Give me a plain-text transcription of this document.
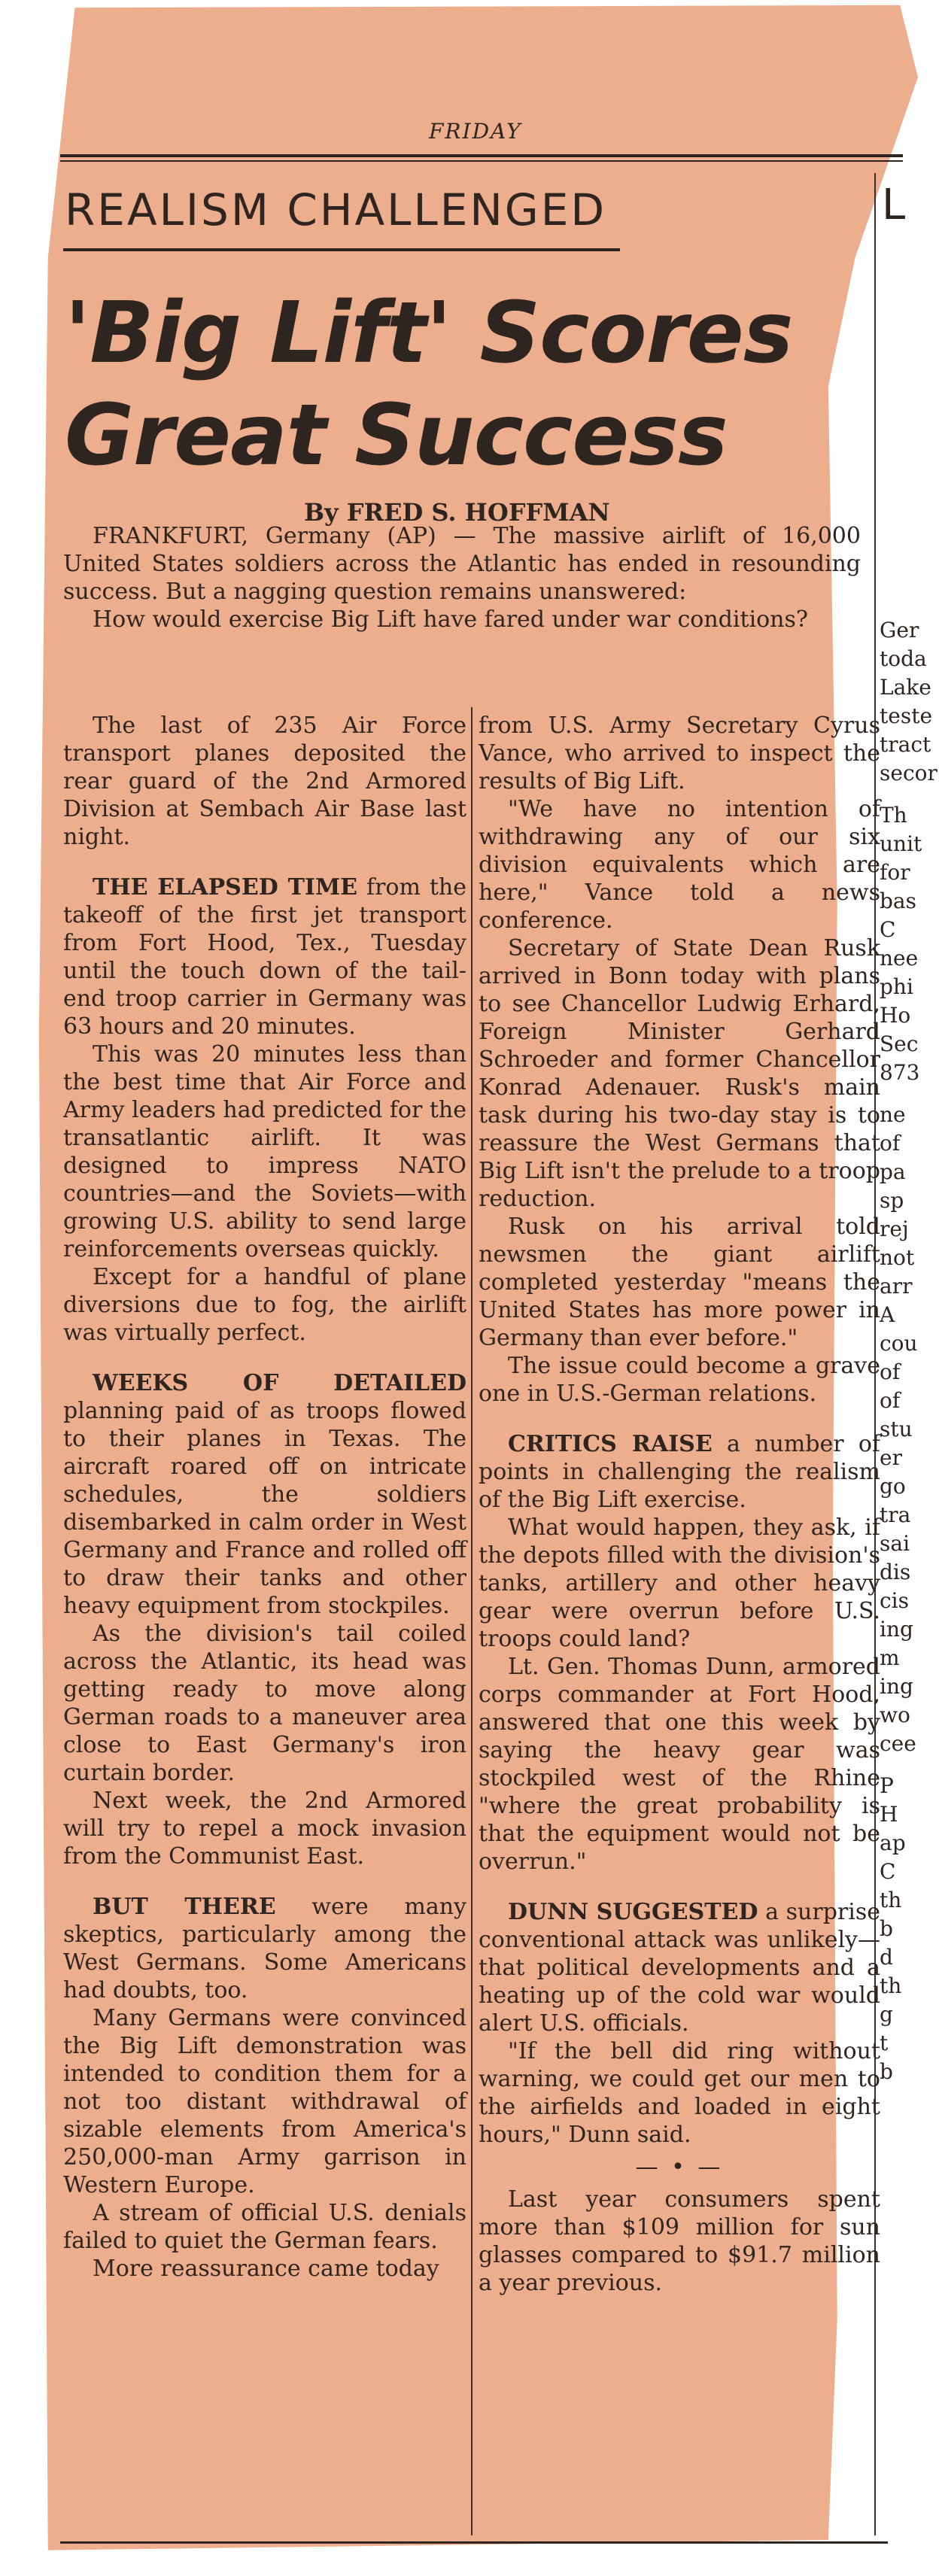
FRIDAY
L
REALISM CHALLENGED
'Big Lift' Scores
Great Success
By FRED S. HOFFMAN

FRANKFURT, Germany (AP) — The massive airlift of 16,000 United States soldiers across the Atlantic has ended in resounding success. But a nagging question remains unanswered:

How would exercise Big Lift have fared under war conditions?

The last of 235 Air Force transport planes deposited the rear guard of the 2nd Armored Division at Sembach Air Base last night.

THE ELAPSED TIME from the takeoff of the first jet transport from Fort Hood, Tex., Tuesday until the touch down of the tail-end troop carrier in Germany was 63 hours and 20 minutes.

This was 20 minutes less than the best time that Air Force and Army leaders had predicted for the transatlantic airlift. It was designed to impress NATO countries—and the Soviets—with growing U.S. ability to send large reinforcements overseas quickly.

Except for a handful of plane diversions due to fog, the airlift was virtually perfect.

WEEKS OF DETAILED planning paid of as troops flowed to their planes in Texas. The aircraft roared off on intricate schedules, the soldiers disembarked in calm order in West Germany and France and rolled off to draw their tanks and other heavy equipment from stockpiles.

As the division's tail coiled across the Atlantic, its head was getting ready to move along German roads to a maneuver area close to East Germany's iron curtain border.

Next week, the 2nd Armored will try to repel a mock invasion from the Communist East.

BUT THERE were many skeptics, particularly among the West Germans. Some Americans had doubts, too.

Many Germans were convinced the Big Lift demonstration was intended to condition them for a not too distant withdrawal of sizable elements from America's 250,000-man Army garrison in Western Europe.

A stream of official U.S. denials failed to quiet the German fears.

More reassurance came today

from U.S. Army Secretary Cyrus Vance, who arrived to inspect the results of Big Lift.

"We have no intention of withdrawing any of our six division equivalents which are here," Vance told a news conference.

Secretary of State Dean Rusk arrived in Bonn today with plans to see Chancellor Ludwig Erhard, Foreign Minister Gerhard Schroeder and former Chancellor Konrad Adenauer. Rusk's main task during his two-day stay is to reassure the West Germans that Big Lift isn't the prelude to a troop reduction.

Rusk on his arrival told newsmen the giant airlift completed yesterday "means the United States has more power in Germany than ever before."

The issue could become a grave one in U.S.-German relations.

CRITICS RAISE a number of points in challenging the realism of the Big Lift exercise.

What would happen, they ask, if the depots filled with the division's tanks, artillery and other heavy gear were overrun before U.S. troops could land?

Lt. Gen. Thomas Dunn, armored corps commander at Fort Hood, answered that one this week by saying the heavy gear was stockpiled west of the Rhine "where the great probability is that the equipment would not be overrun."

DUNN SUGGESTED a surprise conventional attack was unlikely—that political developments and a heating up of the cold war would alert U.S. officials.

"If the bell did ring without warning, we could get our men to the airfields and loaded in eight hours," Dunn said.

— • —

Last year consumers spent more than $109 million for sun glasses compared to $91.7 million a year previous.

Ger
toda
Lake
teste
tract
secor
Th
unit
for
bas
C
nee
phi
Ho
Sec
873
ne
of
pa
sp
rej
not
arr
A
cou
of
of
stu
er
go
tra
sai
dis
cis
ing
m
ing
wo
cee
P
H
ap
C
th
b
d
th
g
t
b
